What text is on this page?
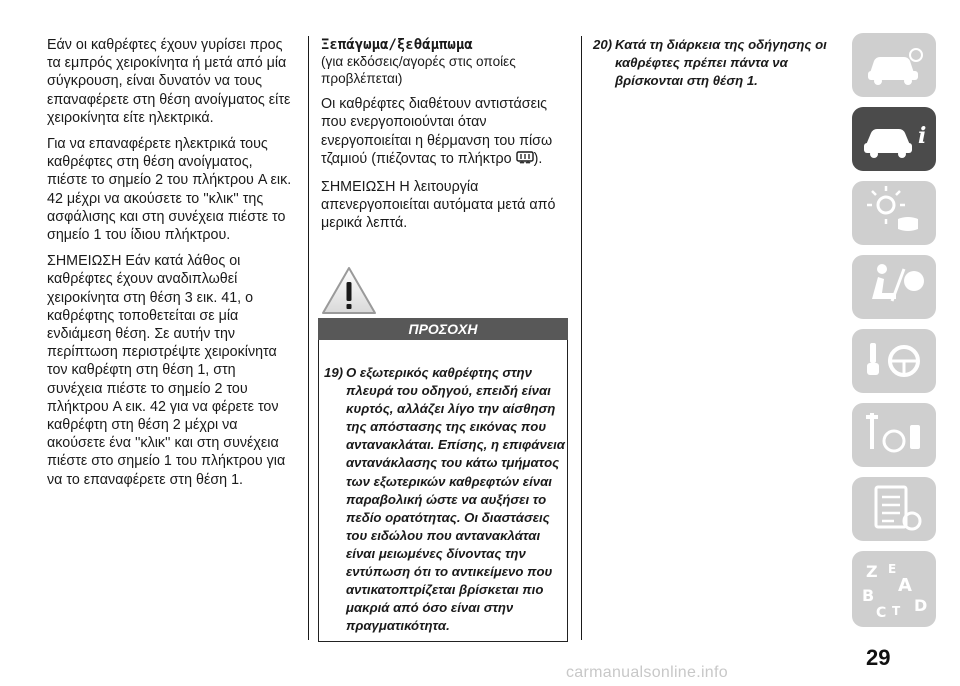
Εάν οι καθρέφτες έχουν γυρίσει προς τα εμπρός χειροκίνητα ή μετά από μία σύγκρουση, είναι δυνατόν να τους επαναφέρετε στη θέση ανοίγματος είτε χειροκίνητα είτε ηλεκτρικά.

Για να επαναφέρετε ηλεκτρικά τους καθρέφτες στη θέση ανοίγματος, πιέστε το σημείο 2 του πλήκτρου A εικ. 42 μέχρι να ακούσετε το ''κλικ'' της ασφάλισης και στη συνέχεια πιέστε το σημείο 1 του ίδιου πλήκτρου.

ΣΗΜΕΙΩΣΗ Εάν κατά λάθος οι καθρέφτες έχουν αναδιπλωθεί χειροκίνητα στη θέση 3 εικ. 41, ο καθρέφτης τοποθετείται σε μία ενδιάμεση θέση. Σε αυτήν την περίπτωση περιστρέψτε χειροκίνητα τον καθρέφτη στη θέση 1, στη συνέχεια πιέστε το σημείο 2 του πλήκτρου A εικ. 42 για να φέρετε τον καθρέφτη στη θέση 2 μέχρι να ακούσετε ένα ''κλικ'' και στη συνέχεια πιέστε στο σημείο 1 του πλήκτρου για να το επαναφέρετε στη θέση 1.

Ξεπάγωμα/ξεθάμπωμα

(για εκδόσεις/αγορές στις οποίες προβλέπεται)

Οι καθρέφτες διαθέτουν αντιστάσεις που ενεργοποιούνται όταν ενεργοποιείται η θέρμανση του πίσω τζαμιού (πιέζοντας το πλήκτρο ).

ΣΗΜΕΙΩΣΗ Η λειτουργία απενεργοποιείται αυτόματα μετά από μερικά λεπτά.

ΠΡΟΣΟΧΗ
19) Ο εξωτερικός καθρέφτης στην πλευρά του οδηγού, επειδή είναι κυρτός, αλλάζει λίγο την αίσθηση της απόστασης της εικόνας που αντανακλάται. Επίσης, η επιφάνεια αντανάκλασης του κάτω τμήματος των εξωτερικών καθρεφτών είναι παραβολική ώστε να αυξήσει το πεδίο ορατότητας. Οι διαστάσεις του ειδώλου που αντανακλάται είναι μειωμένες δίνοντας την εντύπωση ότι το αντικείμενο που αντικατοπτρίζεται βρίσκεται πιο μακριά από όσο είναι στην πραγματικότητα.
20) Κατά τη διάρκεια της οδήγησης οι καθρέφτες πρέπει πάντα να βρίσκονται στη θέση 1.
i
Z E
A
B
C T D
29
carmanualsonline.info
